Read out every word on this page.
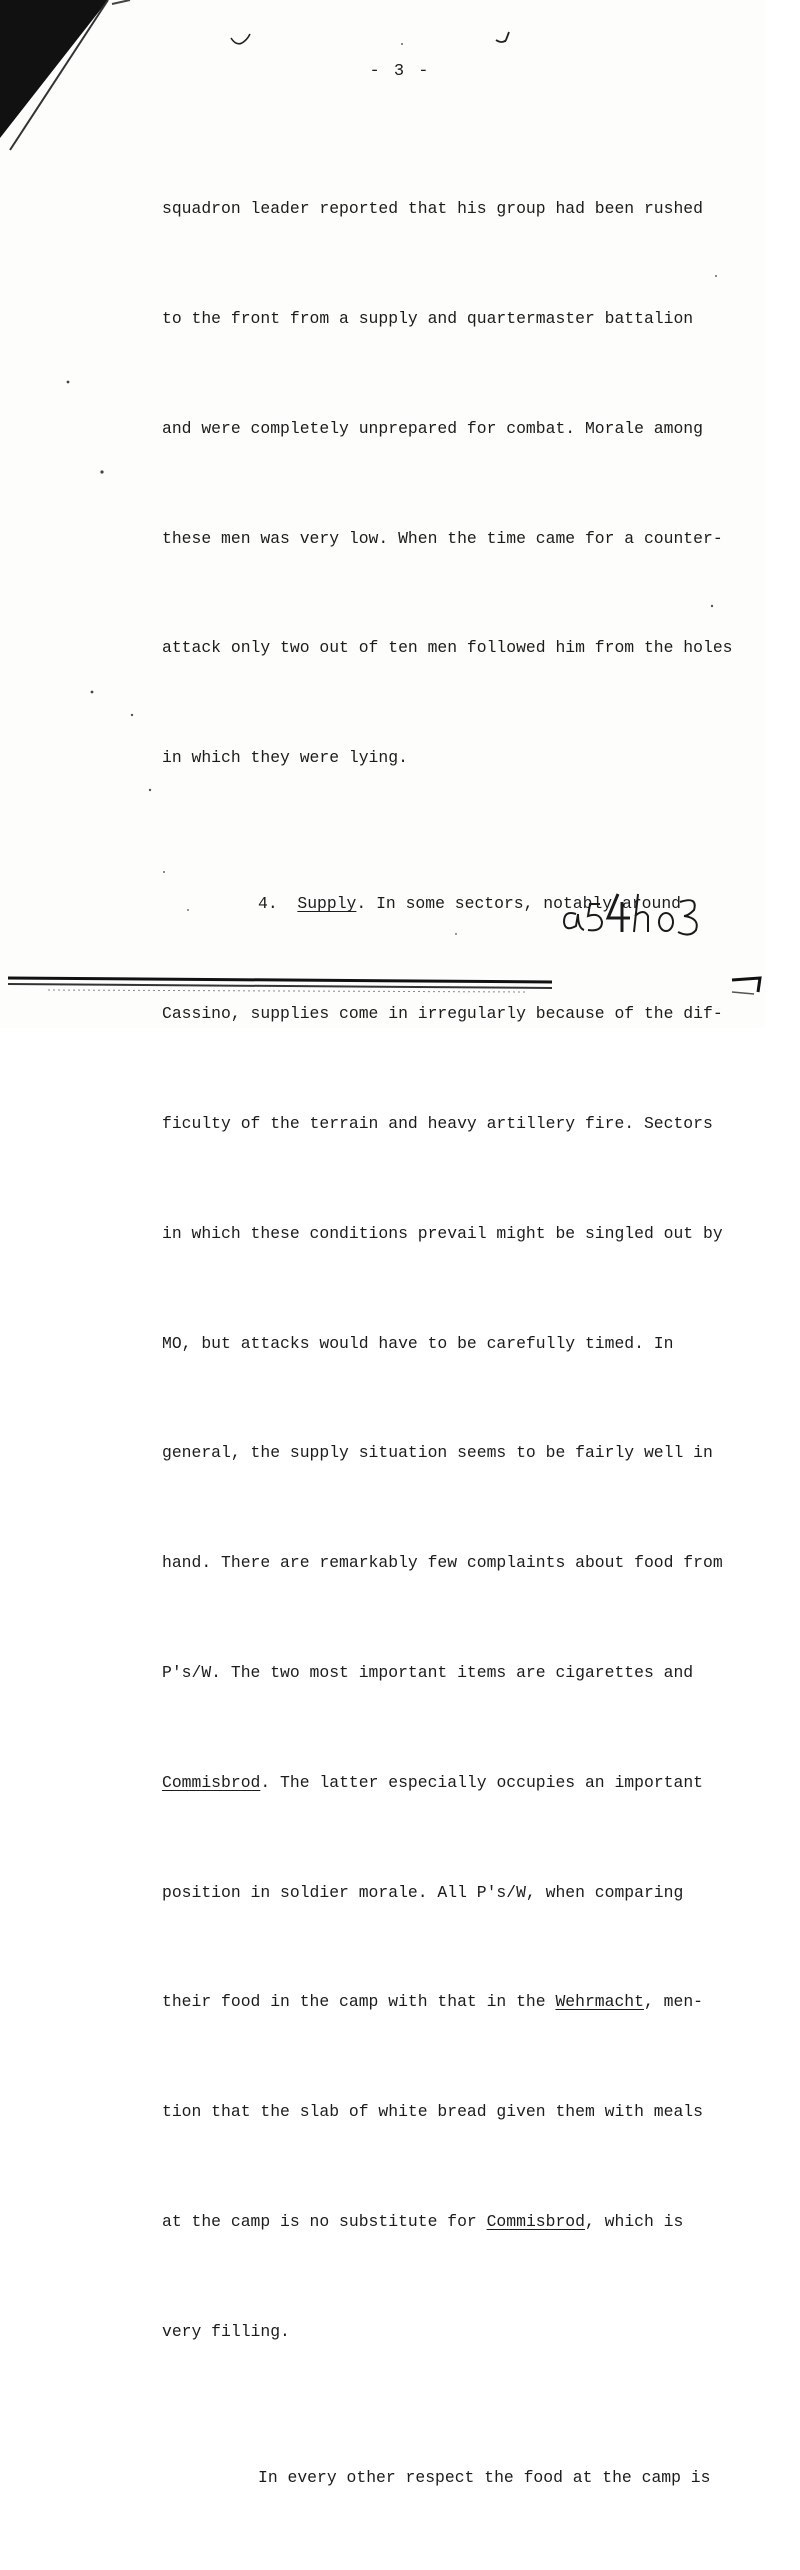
- 3 -

squadron leader reported that his group had been rushed

to the front from a supply and quartermaster battalion

and were completely unprepared for combat. Morale among

these men was very low. When the time came for a counter-

attack only two out of ten men followed him from the holes

in which they were lying.

4. Supply. In some sectors, notably around

Cassino, supplies come in irregularly because of the dif-

ficulty of the terrain and heavy artillery fire. Sectors

in which these conditions prevail might be singled out by

MO, but attacks would have to be carefully timed. In

general, the supply situation seems to be fairly well in

hand. There are remarkably few complaints about food from

P's/W. The two most important items are cigarettes and

Commisbrod. The latter especially occupies an important

position in soldier morale. All P's/W, when comparing

their food in the camp with that in the Wehrmacht, men-

tion that the slab of white bread given them with meals

at the camp is no substitute for Commisbrod, which is

very filling.

In every other respect the food at the camp is
